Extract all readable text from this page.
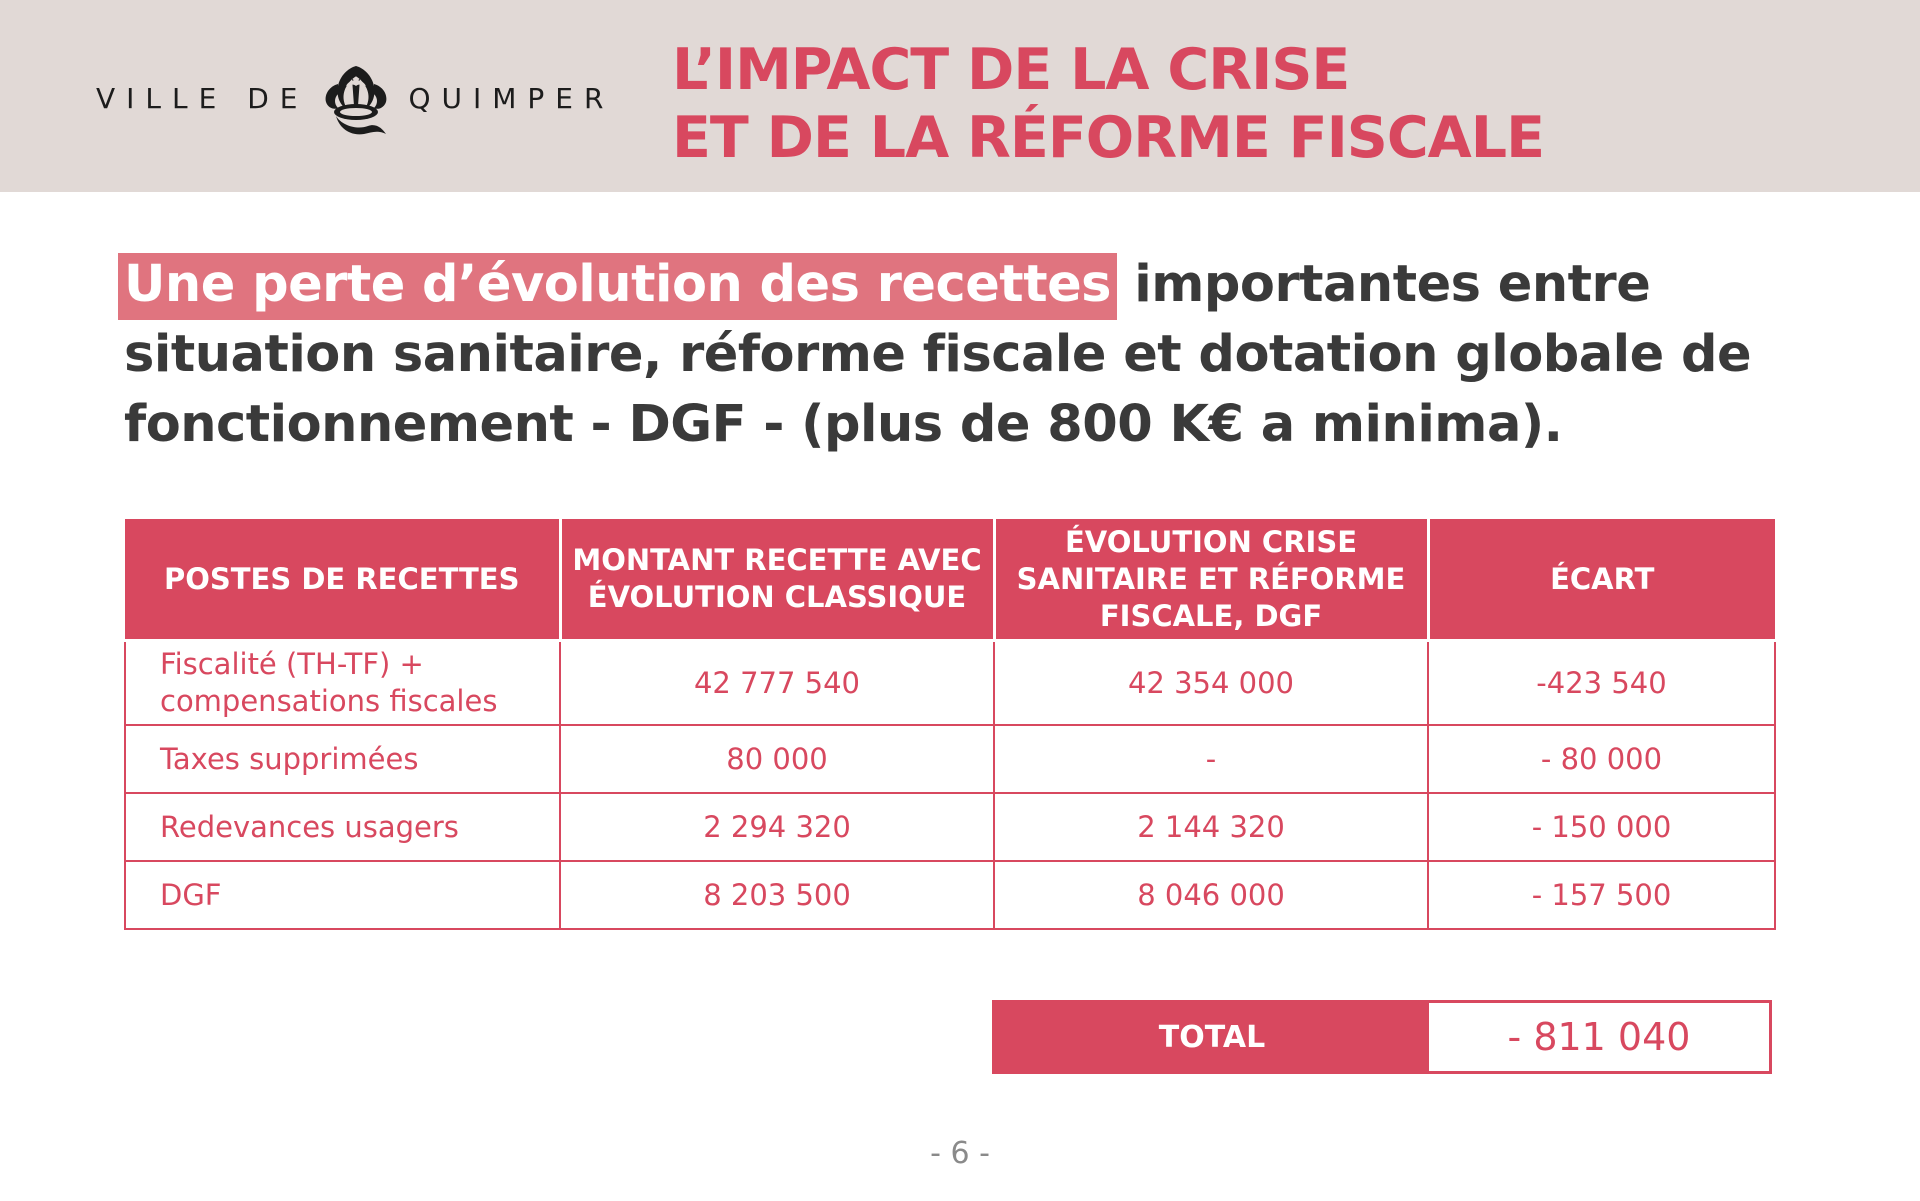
VILLE DE	QUIMPER L’IMPACT DE LA CRISE
ET DE LA RÉFORME FISCALE
Une perte d’évolution des recettes importantes entre
situation sanitaire, réforme fiscale et dotation globale de
fonctionnement - DGF - (plus de 800 K€ a minima).
POSTES DE RECETTES	MONTANT RECETTE AVEC ÉVOLUTION CLASSIQUE	ÉVOLUTION CRISE SANITAIRE ET RÉFORME FISCALE, DGF	ÉCART

Fiscalité (TH-TF) +
compensations fiscales	42 777 540	42 354 000	-423 540
Taxes supprimées	80 000	-	- 80 000
Redevances usagers	2 294 320	2 144 320	- 150 000
DGF	8 203 500	8 046 000	- 157 500
TOTAL	- 811 040
- 6 -
